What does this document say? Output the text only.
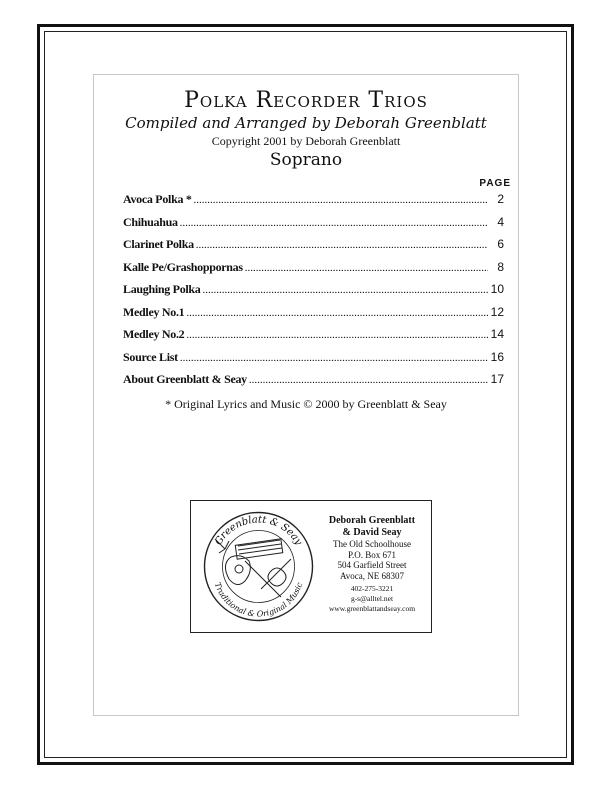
Polka Recorder Trios
Compiled and Arranged by Deborah Greenblatt
Copyright 2001 by Deborah Greenblatt
Soprano
PAGE
Avoca Polka * .....	2
Chihuahua .....	4
Clarinet Polka .....	6
Kalle Pe/Grashoppornas .....	8
Laughing Polka .....	10
Medley No.1 .....	12
Medley No.2 .....	14
Source List .....	16
About Greenblatt & Seay .....	17
* Original Lyrics and Music © 2000 by Greenblatt & Seay
Greenblatt & Seay
Traditional & Original Music
Deborah Greenblatt
& David Seay
The Old Schoolhouse
P.O. Box 671
504 Garfield Street
Avoca, NE 68307
402-275-3221
g-s@alltel.net
www.greenblattandseay.com
